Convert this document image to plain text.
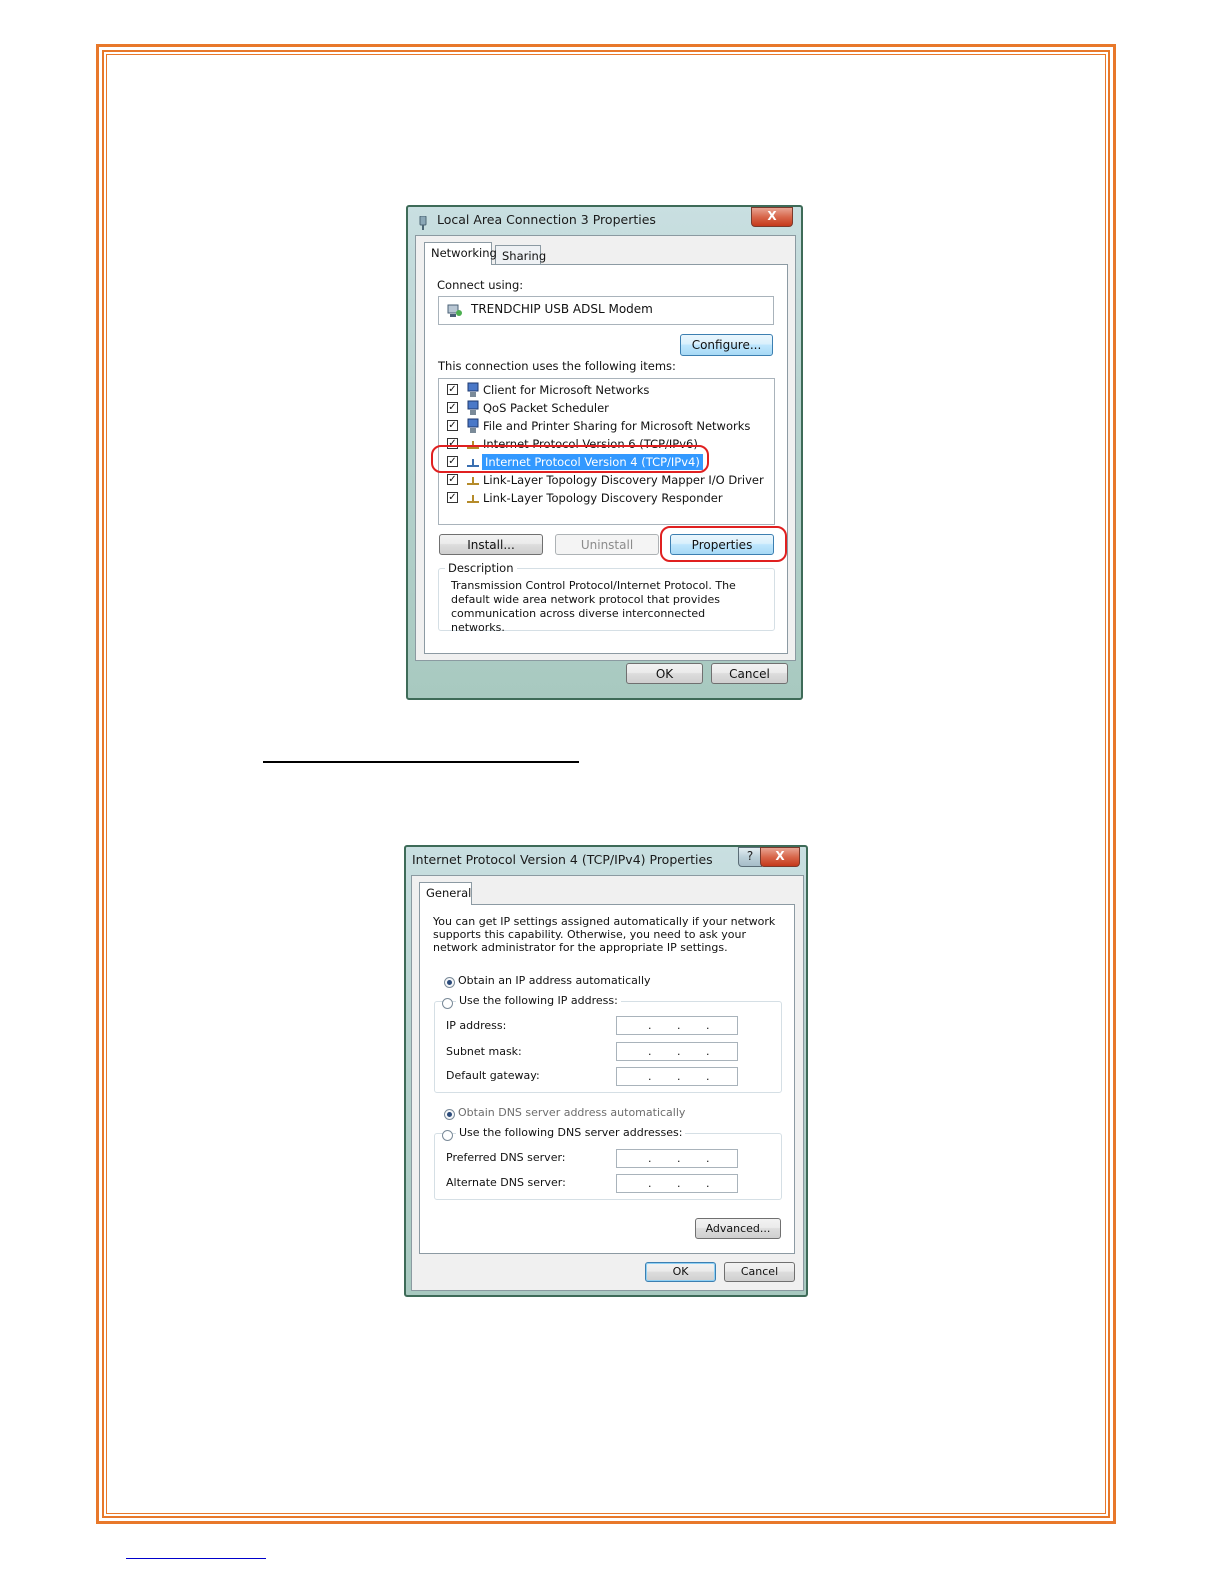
Local Area Connection 3 Properties	X
Networking Sharing
Connect using:
TRENDCHIP USB ADSL Modem
Configure...
This connection uses the following items:
✓ Client for Microsoft Networks
✓ QoS Packet Scheduler
✓ File and Printer Sharing for Microsoft Networks
✓ Internet Protocol Version 6 (TCP/IPv6)
✓ Internet Protocol Version 4 (TCP/IPv4)
✓ Link-Layer Topology Discovery Mapper I/O Driver
✓ Link-Layer Topology Discovery Responder
Install...	Uninstall	Properties
Description
Transmission Control Protocol/Internet Protocol. The default wide area network protocol that provides communication across diverse interconnected networks.
OK	Cancel
Internet Protocol Version 4 (TCP/IPv4) Properties	?	X
General
You can get IP settings assigned automatically if your network supports this capability. Otherwise, you need to ask your network administrator for the appropriate IP settings.
Obtain an IP address automatically
Use the following IP address:
IP address:	. . .
Subnet mask:	. . .
Default gateway:	. . .
Obtain DNS server address automatically
Use the following DNS server addresses:
Preferred DNS server:	. . .
Alternate DNS server:	. . .
Advanced...
OK	Cancel
